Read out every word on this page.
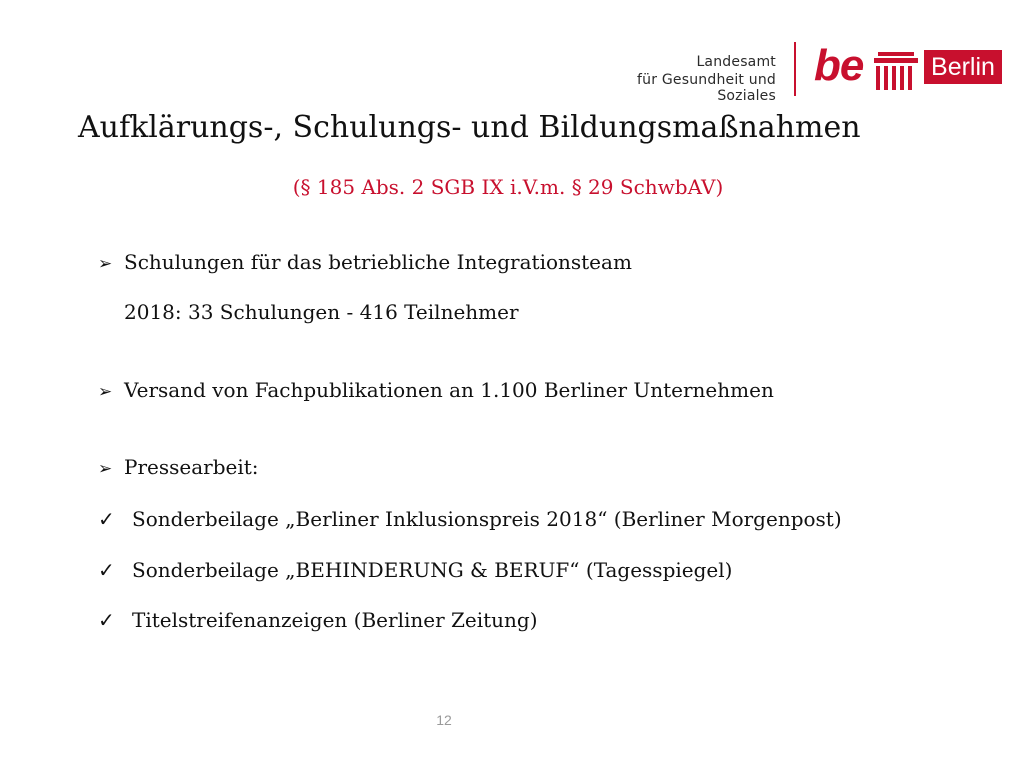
Landesamt
für Gesundheit und Soziales
be	Berlin
Aufklärungs-, Schulungs- und Bildungsmaßnahmen

(§ 185 Abs. 2 SGB IX i.V.m. § 29 SchwbAV)

➢ Schulungen für das betriebliche Integrationsteam
2018: 33 Schulungen - 416 Teilnehmer
➢ Versand von Fachpublikationen an 1.100 Berliner Unternehmen
➢ Pressearbeit:
✓ Sonderbeilage „Berliner Inklusionspreis 2018“ (Berliner Morgenpost)
✓ Sonderbeilage „BEHINDERUNG & BERUF“ (Tagesspiegel)
✓ Titelstreifenanzeigen (Berliner Zeitung)
12
